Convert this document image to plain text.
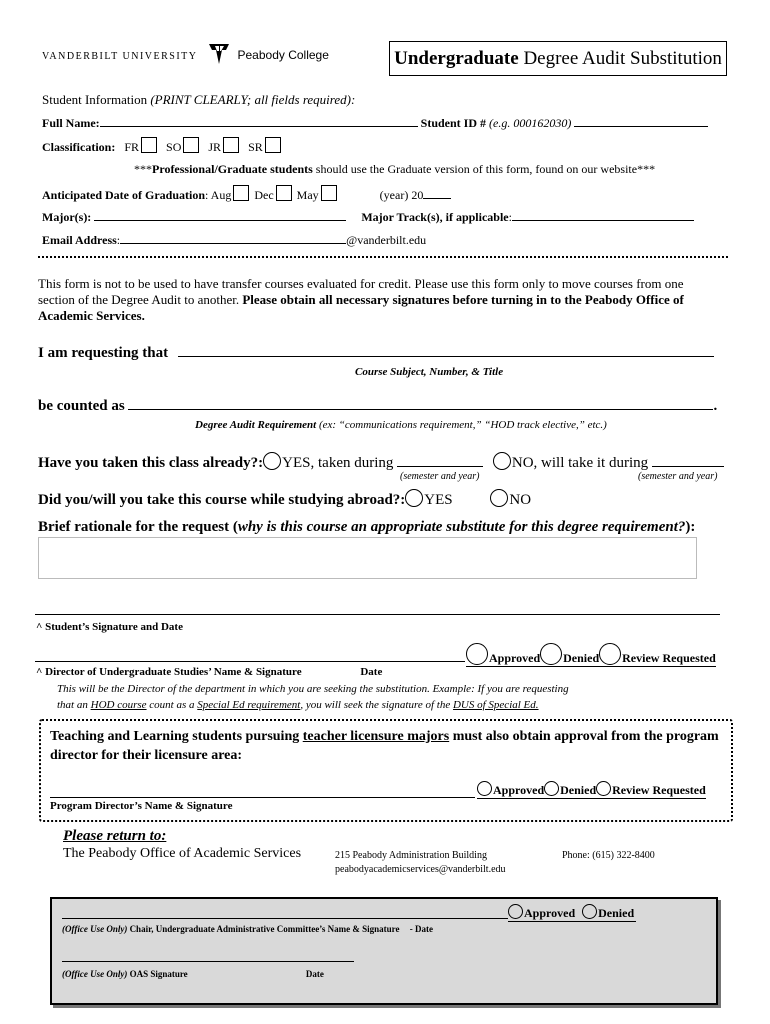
VANDERBILT UNIVERSITY	Peabody College	Undergraduate Degree Audit Substitution
Student Information (PRINT CLEARLY; all fields required):
Full Name:	Student ID # (e.g. 000162030)
Classification: FR SO JR SR
***Professional/Graduate students should use the Graduate version of this form, found on our website***
Anticipated Date of Graduation: Aug Dec May	(year) 20
Major(s):	Major Track(s), if applicable:
Email Address:	@vanderbilt.edu
This form is not to be used to have transfer courses evaluated for credit. Please use this form only to move courses from one
section of the Degree Audit to another. Please obtain all necessary signatures before turning in to the Peabody Office of
Academic Services.
I am requesting that
Course Subject, Number, & Title
be counted as	.
Degree Audit Requirement (ex: “communications requirement,” “HOD track elective,” etc.)
Have you taken this class already?: YES, taken during	NO, will take it during
(semester and year)	(semester and year)
Did you/will you take this course while studying abroad?: YES	NO
Brief rationale for the request (why is this course an appropriate substitute for this degree requirement?):
^ Student’s Signature and Date
Approved Denied Review Requested
^ Director of Undergraduate Studies’ Name & Signature	Date
This will be the Director of the department in which you are seeking the substitution. Example: If you are requesting
that an HOD course count as a Special Ed requirement, you will seek the signature of the DUS of Special Ed.
Teaching and Learning students pursuing teacher licensure majors must also obtain approval from the program
director for their licensure area:
Approved Denied Review Requested
Program Director’s Name & Signature
Please return to:
The Peabody Office of Academic Services	215 Peabody Administration Building
peabodyacademicservices@vanderbilt.edu
Phone: (615) 322-8400
Approved Denied
(Office Use Only) Chair, Undergraduate Administrative Committee’s Name & Signature - Date
(Office Use Only) OAS Signature	Date
